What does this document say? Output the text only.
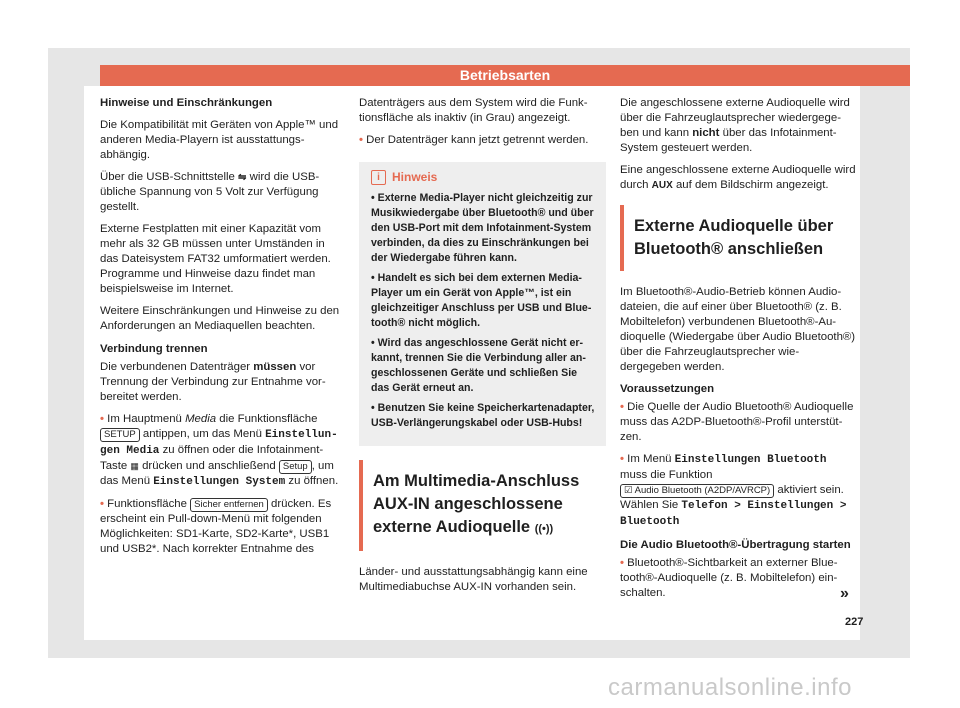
Betriebsarten

Hinweise und Einschränkungen

Die Kompatibilität mit Geräten von Apple™ und anderen Media-Playern ist ausstattungsabhängig.

Über die USB-Schnittstelle ⇋ wird die USB-übliche Spannung von 5 Volt zur Verfügung gestellt.

Externe Festplatten mit einer Kapazität vom mehr als 32 GB müssen unter Umständen in das Dateisystem FAT32 umformatiert werden. Programme und Hinweise dazu findet man beispielsweise im Internet.

Weitere Einschränkungen und Hinweise zu den Anforderungen an Mediaquellen beachten.

Verbindung trennen

Die verbundenen Datenträger müssen vor Trennung der Verbindung zur Entnahme vorbereitet werden.

• Im Hauptmenü Media die Funktionsfläche SETUP antippen, um das Menü Einstellungen Media zu öffnen oder die Infotainment-Taste ▦ drücken und anschließend Setup , um das Menü Einstellungen System zu öffnen.

• Funktionsfläche Sicher entfernen drücken. Es erscheint ein Pull-down-Menü mit folgenden Möglichkeiten: SD1-Karte, SD2-Karte*, USB1 und USB2*. Nach korrekter Entnahme des

Datenträgers aus dem System wird die Funktionsfläche als inaktiv (in Grau) angezeigt.

• Der Datenträger kann jetzt getrennt werden.

i	Hinweis

• Externe Media-Player nicht gleichzeitig zur Musikwiedergabe über Bluetooth® und über den USB-Port mit dem Infotainment-System verbinden, da dies zu Einschränkungen bei der Wiedergabe führen kann.

• Handelt es sich bei dem externen Media-Player um ein Gerät von Apple™, ist ein gleichzeitiger Anschluss per USB und Bluetooth® nicht möglich.

• Wird das angeschlossene Gerät nicht erkannt, trennen Sie die Verbindung aller angeschlossenen Geräte und schließen Sie das Gerät erneut an.

• Benutzen Sie keine Speicherkartenadapter, USB-Verlängerungskabel oder USB-Hubs!

Am Multimedia-Anschluss AUX-IN angeschlossene externe Audioquelle ((•))

Länder- und ausstattungsabhängig kann eine Multimediabuchse AUX-IN vorhanden sein.

Die angeschlossene externe Audioquelle wird über die Fahrzeuglautsprecher wiedergegeben und kann nicht über das Infotainment-System gesteuert werden.

Eine angeschlossene externe Audioquelle wird durch AUX auf dem Bildschirm angezeigt.

Externe Audioquelle über Bluetooth® anschließen

Im Bluetooth®-Audio-Betrieb können Audiodateien, die auf einer über Bluetooth® (z. B. Mobiltelefon) verbundenen Bluetooth®-Audioquelle (Wiedergabe über Audio Bluetooth®) über die Fahrzeuglautsprecher wiedergegeben werden.

Voraussetzungen

• Die Quelle der Audio Bluetooth® Audioquelle muss das A2DP-Bluetooth®-Profil unterstützen.

• Im Menü Einstellungen Bluetooth muss die Funktion ☑ Audio Bluetooth (A2DP/AVRCP) aktiviert sein. Wählen Sie Telefon > Einstellungen > Bluetooth

Die Audio Bluetooth®-Übertragung starten

• Bluetooth®-Sichtbarkeit an externer Bluetooth®-Audioquelle (z. B. Mobiltelefon) einschalten.	»
227
carmanualsonline.info
